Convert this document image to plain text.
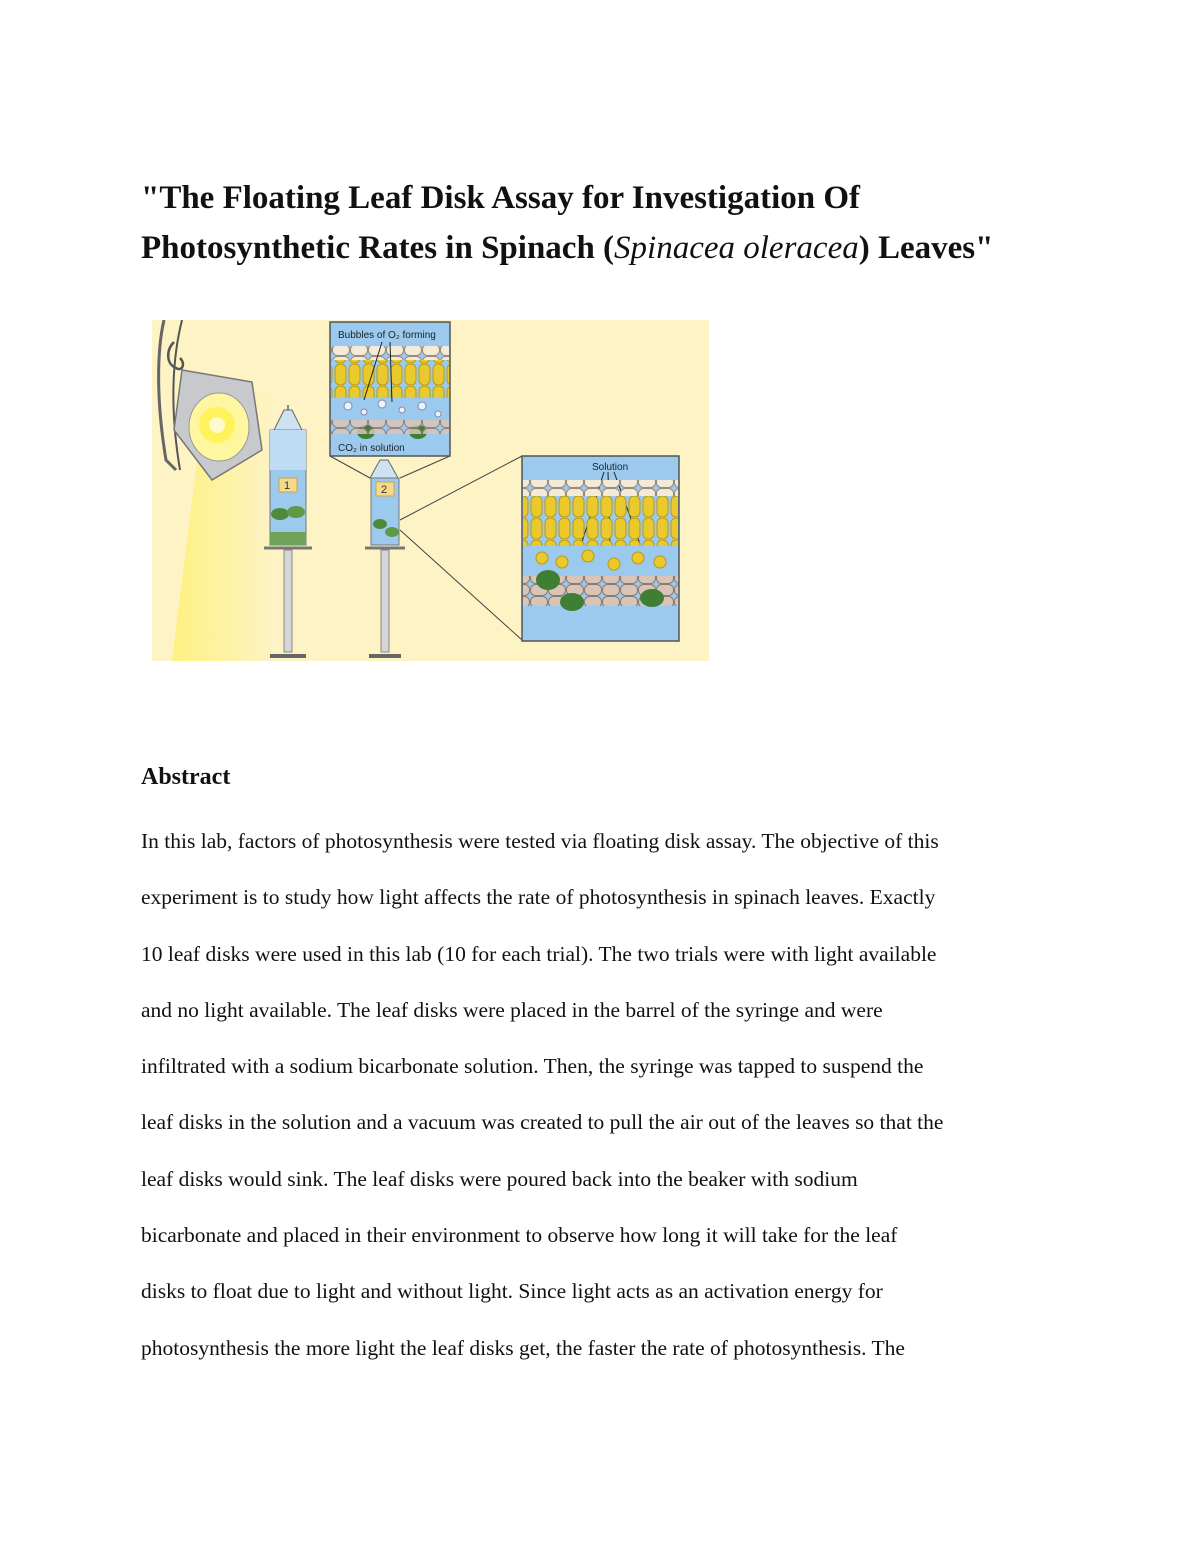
"The Floating Leaf Disk Assay for Investigation Of
Photosynthetic Rates in Spinach (Spinacea oleracea) Leaves"
1	2
Bubbles of O₂ forming
CO₂ in solution
Solution
Abstract
In this lab, factors of photosynthesis were tested via floating disk assay. The objective of this
experiment is to study how light affects the rate of photosynthesis in spinach leaves. Exactly
10 leaf disks were used in this lab (10 for each trial). The two trials were with light available
and no light available. The leaf disks were placed in the barrel of the syringe and were
infiltrated with a sodium bicarbonate solution. Then, the syringe was tapped to suspend the
leaf disks in the solution and a vacuum was created to pull the air out of the leaves so that the
leaf disks would sink. The leaf disks were poured back into the beaker with sodium
bicarbonate and placed in their environment to observe how long it will take for the leaf
disks to float due to light and without light. Since light acts as an activation energy for
photosynthesis the more light the leaf disks get, the faster the rate of photosynthesis. The
